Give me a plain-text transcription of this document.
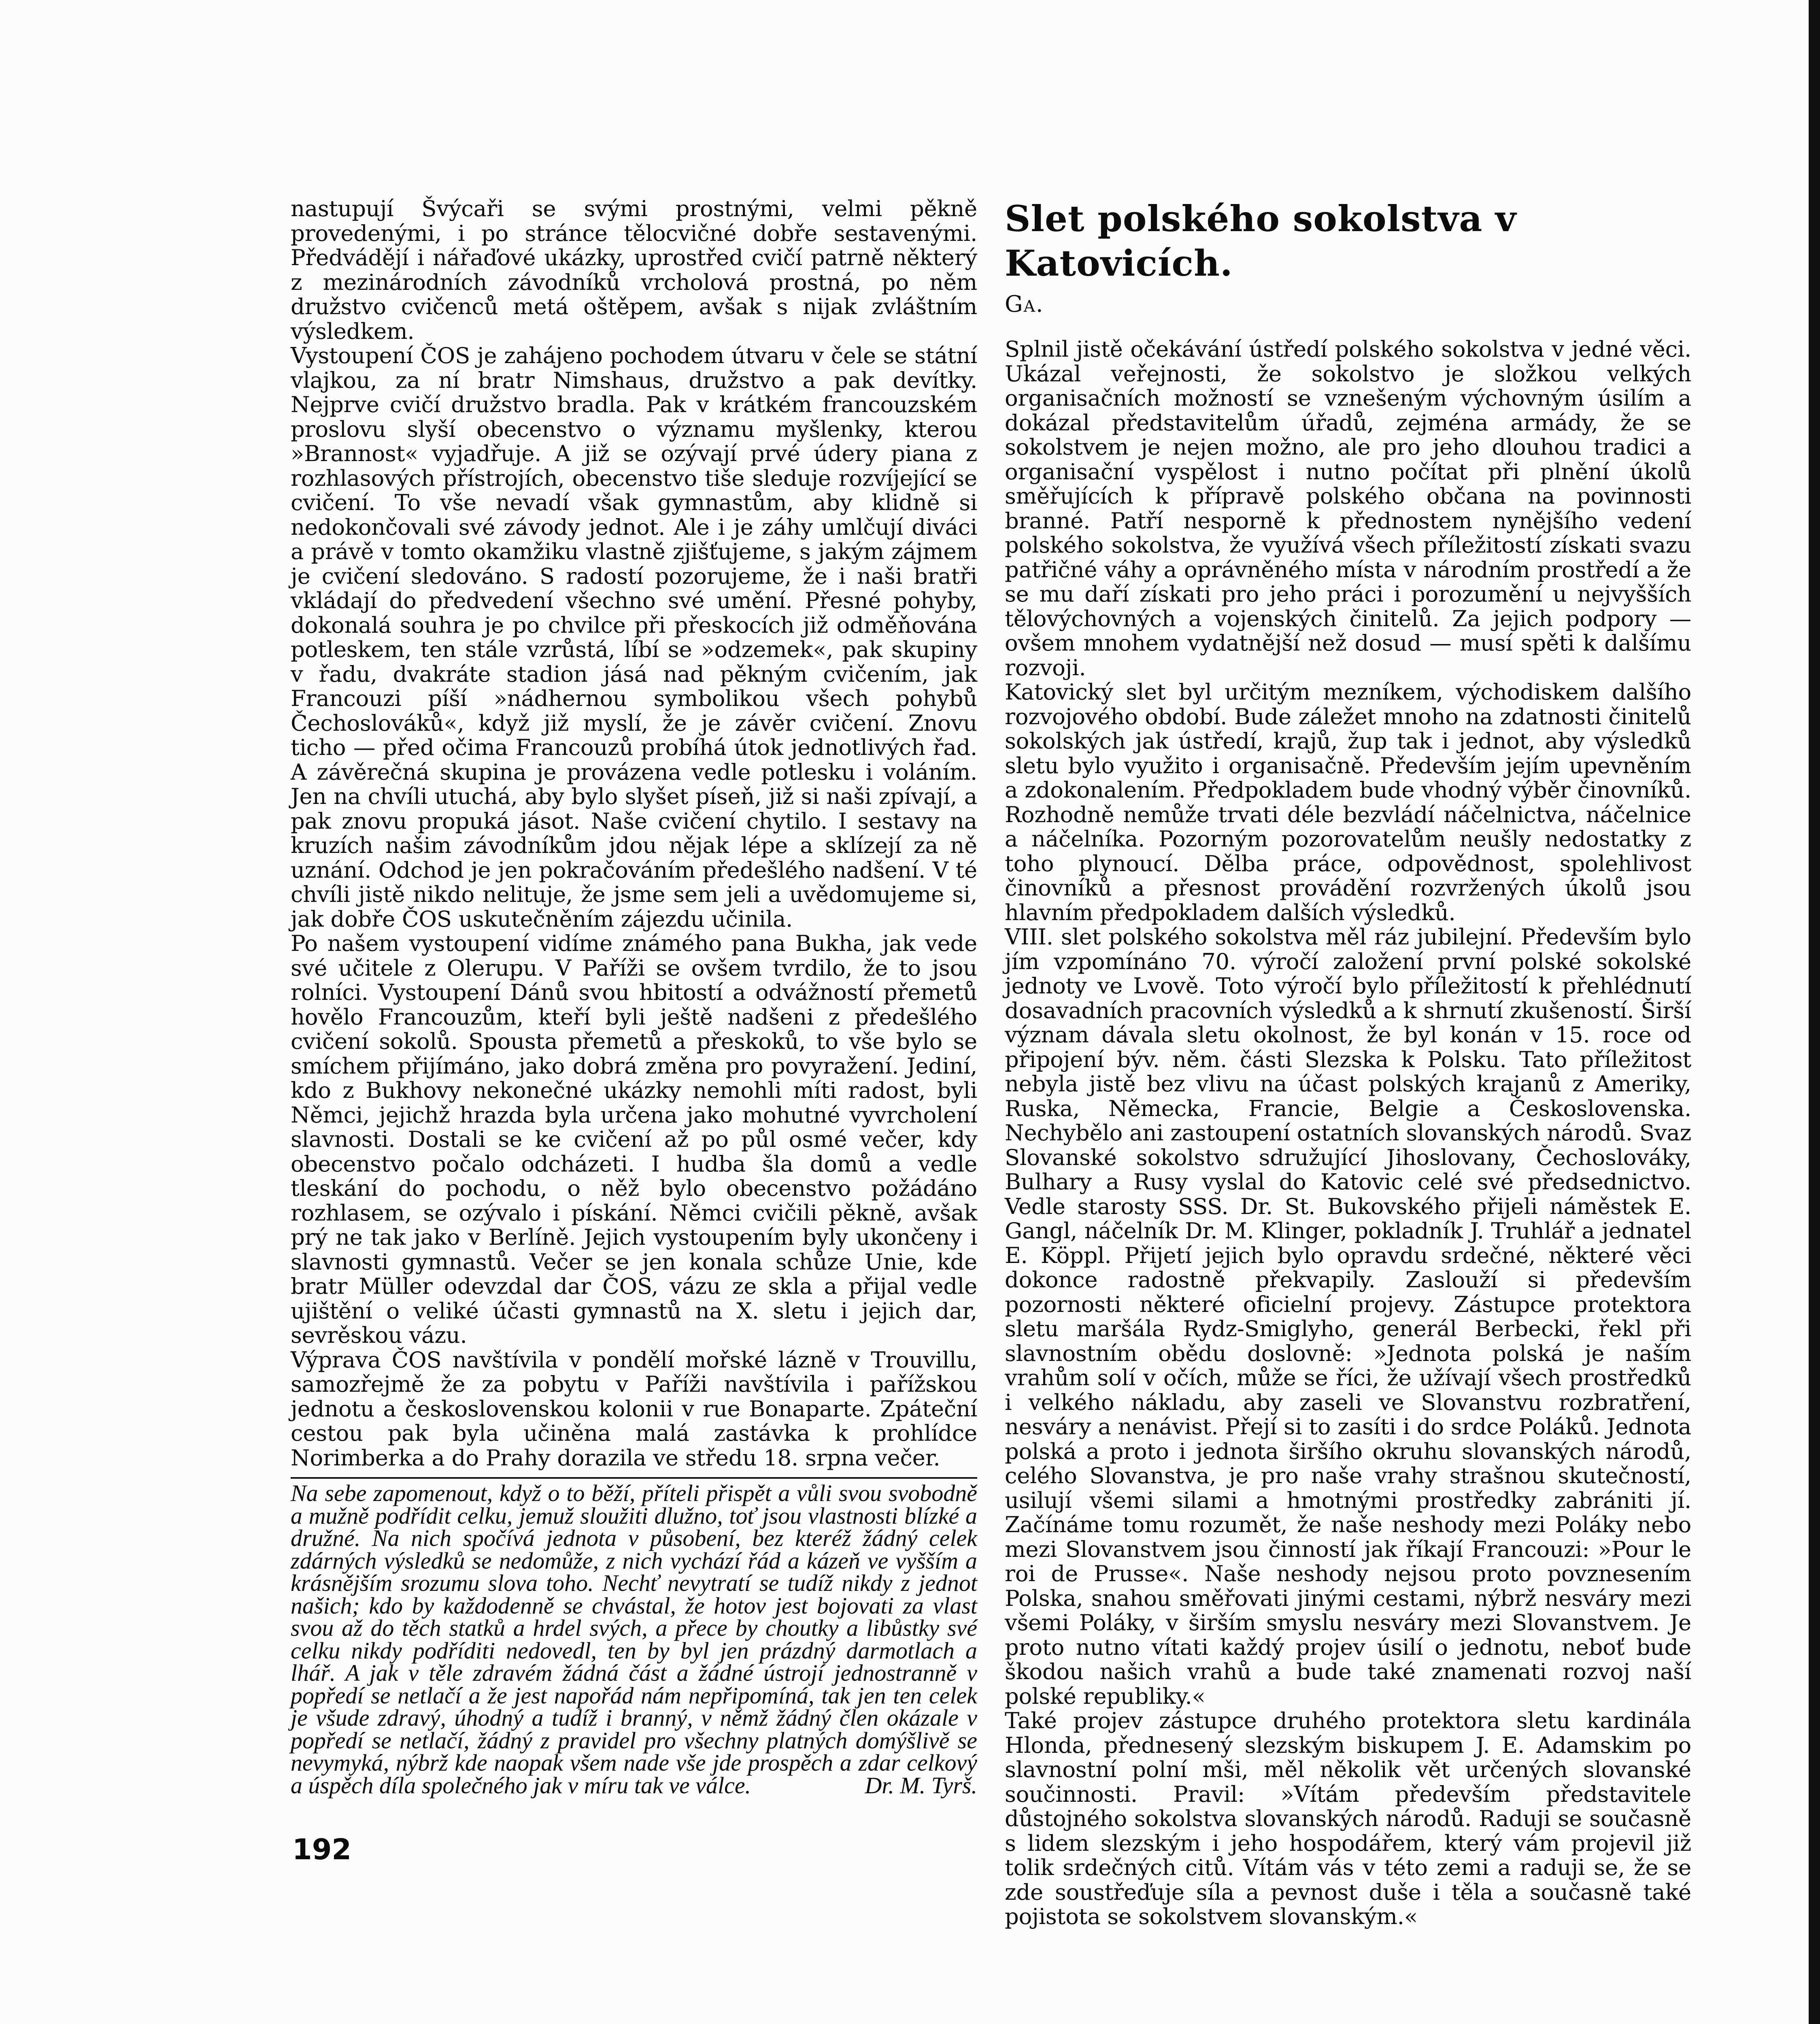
nastupují Švýcaři se svými prostnými, velmi pěkně provedenými, i po stránce tělocvičné dobře sestavenými. Předvádějí i nářaďové ukázky, uprostřed cvičí patrně některý z mezinárodních závodníků vrcholová prostná, po něm družstvo cvičenců metá oštěpem, avšak s nijak zvláštním výsledkem.

Vystoupení ČOS je zahájeno pochodem útvaru v čele se státní vlajkou, za ní bratr Nimshaus, družstvo a pak devítky. Nejprve cvičí družstvo bradla. Pak v krátkém francouzském proslovu slyší obecenstvo o významu myšlenky, kterou »Brannost« vyjadřuje. A již se ozývají prvé údery piana z rozhlasových přístrojích, obecenstvo tiše sleduje rozvíjející se cvičení. To vše nevadí však gymnastům, aby klidně si nedokončovali své závody jednot. Ale i je záhy umlčují diváci a právě v tomto okamžiku vlastně zjišťujeme, s jakým zájmem je cvičení sledováno. S radostí pozorujeme, že i naši bratři vkládají do předvedení všechno své umění. Přesné pohyby, dokonalá souhra je po chvilce při přeskocích již odměňována potleskem, ten stále vzrůstá, líbí se »odzemek«, pak skupiny v řadu, dvakráte stadion jásá nad pěkným cvičením, jak Francouzi píší »nádhernou symbolikou všech pohybů Čechoslováků«, když již myslí, že je závěr cvičení. Znovu ticho — před očima Francouzů probíhá útok jednotlivých řad. A závěrečná skupina je provázena vedle potlesku i voláním. Jen na chvíli utuchá, aby bylo slyšet píseň, již si naši zpívají, a pak znovu propuká jásot. Naše cvičení chytilo. I sestavy na kruzích našim závodníkům jdou nějak lépe a sklízejí za ně uznání. Odchod je jen pokračováním předešlého nadšení. V té chvíli jistě nikdo nelituje, že jsme sem jeli a uvědomujeme si, jak dobře ČOS uskutečněním zájezdu učinila.

Po našem vystoupení vidíme známého pana Bukha, jak vede své učitele z Olerupu. V Paříži se ovšem tvrdilo, že to jsou rolníci. Vystoupení Dánů svou hbitostí a odvážností přemetů hovělo Francouzům, kteří byli ještě nadšeni z předešlého cvičení sokolů. Spousta přemetů a přeskoků, to vše bylo se smíchem přijímáno, jako dobrá změna pro povyražení. Jediní, kdo z Bukhovy nekonečné ukázky nemohli míti radost, byli Němci, jejichž hrazda byla určena jako mohutné vyvrcholení slavnosti. Dostali se ke cvičení až po půl osmé večer, kdy obecenstvo počalo odcházeti. I hudba šla domů a vedle tleskání do pochodu, o něž bylo obecenstvo požádáno rozhlasem, se ozývalo i pískání. Němci cvičili pěkně, avšak prý ne tak jako v Berlíně. Jejich vystoupením byly ukončeny i slavnosti gymnastů. Večer se jen konala schůze Unie, kde bratr Müller odevzdal dar ČOS, vázu ze skla a přijal vedle ujištění o veliké účasti gymnastů na X. sletu i jejich dar, sevrěskou vázu.

Výprava ČOS navštívila v pondělí mořské lázně v Trouvillu, samozřejmě že za pobytu v Paříži navštívila i pařížskou jednotu a československou kolonii v rue Bonaparte. Zpáteční cestou pak byla učiněna malá zastávka k prohlídce Norimberka a do Prahy dorazila ve středu 18. srpna večer.

Na sebe zapomenout, když o to běží, příteli přispět a vůli svou svobodně a mužně podřídit celku, jemuž sloužiti dlužno, toť jsou vlastnosti blízké a družné. Na nich spočívá jednota v působení, bez kteréž žádný celek zdárných výsledků se nedomůže, z nich vychází řád a kázeň ve vyšším a krásnějším srozumu slova toho. Nechť nevytratí se tudíž nikdy z jednot našich; kdo by každodenně se chvástal, že hotov jest bojovati za vlast svou až do těch statků a hrdel svých, a přece by choutky a libůstky své celku nikdy podříditi nedovedl, ten by byl jen prázdný darmotlach a lhář. A jak v těle zdravém žádná část a žádné ústrojí jednostranně v popředí se netlačí a že jest napořád nám nepřipomíná, tak jen ten celek je všude zdravý, úhodný a tudíž i branný, v němž žádný člen okázale v popředí se netlačí, žádný z pravidel pro všechny platných domýšlivě se nevymyká, nýbrž kde naopak všem nade vše jde prospěch a zdar celkový a úspěch díla společného jak v míru tak ve válce.	Dr. M. Tyrš.

Slet polského sokolstva v Katovicích.
Ga.

Splnil jistě očekávání ústředí polského sokolstva v jedné věci. Ukázal veřejnosti, že sokolstvo je složkou velkých organisačních možností se vznešeným výchovným úsilím a dokázal představitelům úřadů, zejména armády, že se sokolstvem je nejen možno, ale pro jeho dlouhou tradici a organisační vyspělost i nutno počítat při plnění úkolů směřujících k přípravě polského občana na povinnosti branné. Patří nesporně k přednostem nynějšího vedení polského sokolstva, že využívá všech příležitostí získati svazu patřičné váhy a oprávněného místa v národním prostředí a že se mu daří získati pro jeho práci i porozumění u nejvyšších tělovýchovných a vojenských činitelů. Za jejich podpory — ovšem mnohem vydatnější než dosud — musí spěti k dalšímu rozvoji.

Katovický slet byl určitým mezníkem, východiskem dalšího rozvojového období. Bude záležet mnoho na zdatnosti činitelů sokolských jak ústředí, krajů, žup tak i jednot, aby výsledků sletu bylo využito i organisačně. Především jejím upevněním a zdokonalením. Předpokladem bude vhodný výběr činovníků. Rozhodně nemůže trvati déle bezvládí náčelnictva, náčelnice a náčelníka. Pozorným pozorovatelům neušly nedostatky z toho plynoucí. Dělba práce, odpovědnost, spolehlivost činovníků a přesnost provádění rozvržených úkolů jsou hlavním předpokladem dalších výsledků.

VIII. slet polského sokolstva měl ráz jubilejní. Především bylo jím vzpomínáno 70. výročí založení první polské sokolské jednoty ve Lvově. Toto výročí bylo příležitostí k přehlédnutí dosavadních pracovních výsledků a k shrnutí zkušeností. Širší význam dávala sletu okolnost, že byl konán v 15. roce od připojení býv. něm. části Slezska k Polsku. Tato příležitost nebyla jistě bez vlivu na účast polských krajanů z Ameriky, Ruska, Německa, Francie, Belgie a Československa. Nechybělo ani zastoupení ostatních slovanských národů. Svaz Slovanské sokolstvo sdružující Jihoslovany, Čechoslováky, Bulhary a Rusy vyslal do Katovic celé své předsednictvo. Vedle starosty SSS. Dr. St. Bukovského přijeli náměstek E. Gangl, náčelník Dr. M. Klinger, pokladník J. Truhlář a jednatel E. Köppl. Přijetí jejich bylo opravdu srdečné, některé věci dokonce radostně překvapily. Zaslouží si především pozornosti některé oficielní projevy. Zástupce protektora sletu maršála Rydz-Smiglyho, generál Berbecki, řekl při slavnostním obědu doslovně: »Jednota polská je naším vrahům solí v očích, může se říci, že užívají všech prostředků i velkého nákladu, aby zaseli ve Slovanstvu rozbratření, nesváry a nenávist. Přejí si to zasíti i do srdce Poláků. Jednota polská a proto i jednota širšího okruhu slovanských národů, celého Slovanstva, je pro naše vrahy strašnou skutečností, usilují všemi silami a hmotnými prostředky zabrániti jí. Začínáme tomu rozumět, že naše neshody mezi Poláky nebo mezi Slovanstvem jsou činností jak říkají Francouzi: »Pour le roi de Prusse«. Naše neshody nejsou proto povznesením Polska, snahou směřovati jinými cestami, nýbrž nesváry mezi všemi Poláky, v širším smyslu nesváry mezi Slovanstvem. Je proto nutno vítati každý projev úsilí o jednotu, neboť bude škodou našich vrahů a bude také znamenati rozvoj naší polské republiky.«

Také projev zástupce druhého protektora sletu kardinála Hlonda, přednesený slezským biskupem J. E. Adamskim po slavnostní polní mši, měl několik vět určených slovanské součinnosti. Pravil: »Vítám především představitele důstojného sokolstva slovanských národů. Raduji se současně s lidem slezským i jeho hospodářem, který vám projevil již tolik srdečných citů. Vítám vás v této zemi a raduji se, že se zde soustřeďuje síla a pevnost duše i těla a současně také pojistota se sokolstvem slovanským.«

192
